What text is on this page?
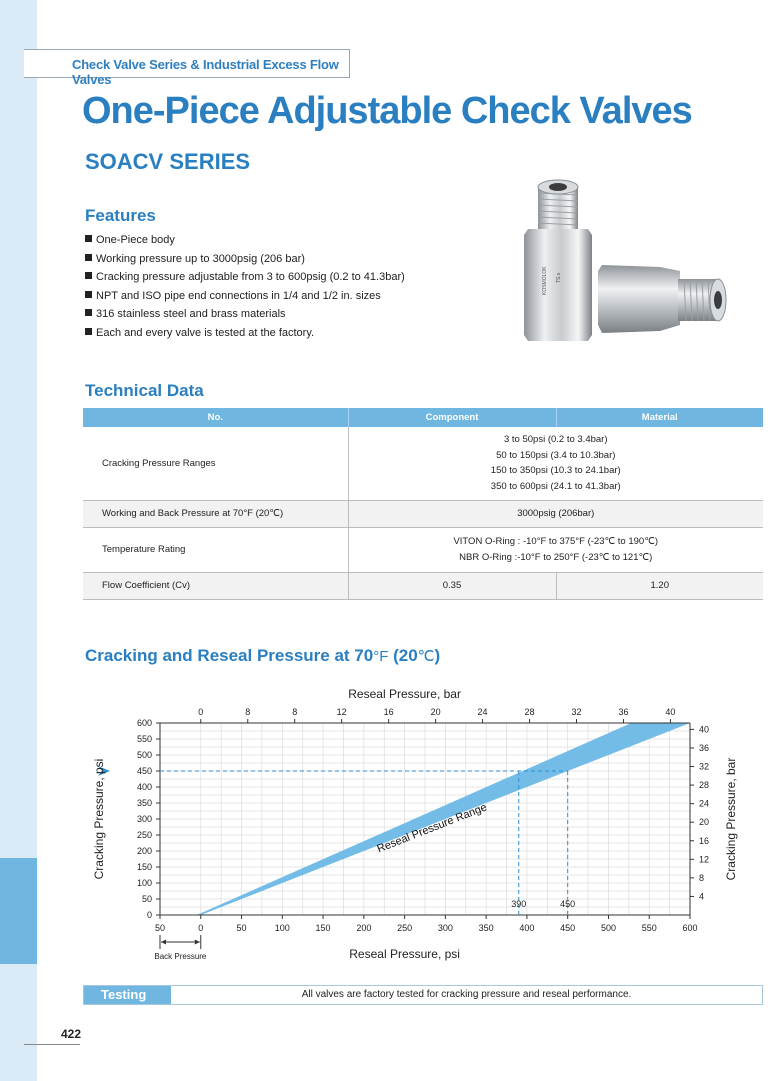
Check Valve Series & Industrial Excess Flow Valves
One-Piece Adjustable Check Valves
SOACV SERIES
Features
One-Piece body
Working pressure up to 3000psig (206 bar)
Cracking pressure adjustable from 3 to 600psig (0.2 to 41.3bar)
NPT and ISO pipe end connections in 1/4 and 1/2 in. sizes
316 stainless steel and brass materials
Each and every valve is tested at the factory.
KOSMOLOK TS.s
Technical Data
No.	Component	Material
Cracking Pressure Ranges	3 to 50psi (0.2 to 3.4bar)
50 to 150psi (3.4 to 10.3bar)
150 to 350psi (10.3 to 24.1bar)
350 to 600psi (24.1 to 41.3bar)	

Working and Back Pressure at 70°F (20℃)	3000psig (206bar)	
Temperature Rating	VITON O-Ring : -10°F to 375°F (-23℃ to 190℃)
NBR O-Ring :-10°F to 250°F (-23℃ to 121℃)	

Flow Coefficient (Cv)	0.35	1.20
Cracking and Reseal Pressure at 70°F (20℃)
50	0	50	100	150	200	250	300	350	400	450	500	550	600
0
50
100
150
200
250
300
350
400
450
500
550
600
0	8	8	12	16	20	24	28	32	36	40
4
8
12
16
20
24
28
32
36
40
390	450
Reseal Pressure, psi
Reseal Pressure, bar
Cracking Pressure, psi	Cracking Pressure, bar
Reseal Pressure Range
Back Pressure
Testing	All valves are factory tested for cracking pressure and reseal performance.
422
